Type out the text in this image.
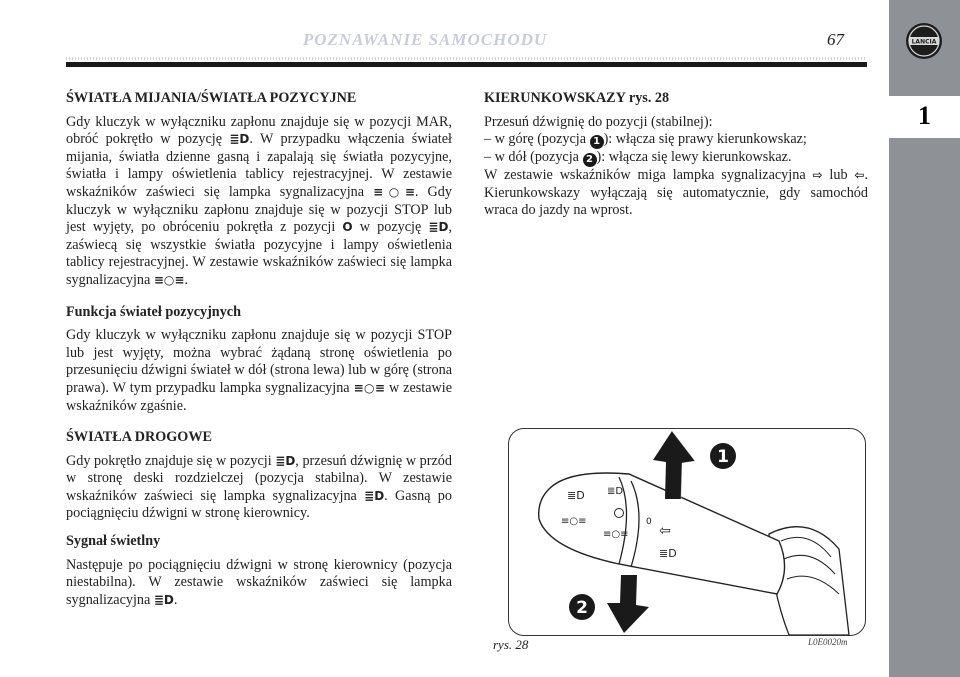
POZNAWANIE SAMOCHODU	67	LANCIA
1
ŚWIATŁA MIJANIA/ŚWIATŁA POZYCYJNE

Gdy kluczyk w wyłączniku zapłonu znajduje się w pozycji MAR, obróć pokrętło w pozycję ≣D. W przypadku włączenia świateł mijania, światła dzienne gasną i zapalają się światła pozycyjne, światła i lampy oświetlenia tablicy rejestracyjnej. W zestawie wskaźników zaświeci się lampka sygnalizacyjna ≡○≡. Gdy kluczyk w wyłączniku zapłonu znajduje się w pozycji STOP lub jest wyjęty, po obróceniu pokrętła z pozycji O w pozycję ≣D, zaświecą się wszystkie światła pozycyjne i lampy oświetlenia tablicy rejestracyjnej. W zestawie wskaźników zaświeci się lampka sygnalizacyjna ≡○≡.

Funkcja świateł pozycyjnych

Gdy kluczyk w wyłączniku zapłonu znajduje się w pozycji STOP lub jest wyjęty, można wybrać żądaną stronę oświetlenia po przesunięciu dźwigni świateł w dół (strona lewa) lub w górę (strona prawa). W tym przypadku lampka sygnalizacyjna ≡○≡ w zestawie wskaźników zgaśnie.

ŚWIATŁA DROGOWE

Gdy pokrętło znajduje się w pozycji ≣D, przesuń dźwignię w przód w stronę deski rozdzielczej (pozycja stabilna). W zestawie wskaźników zaświeci się lampka sygnalizacyjna ≣D. Gasną po pociągnięciu dźwigni w stronę kierownicy.

Sygnał świetlny

Następuje po pociągnięciu dźwigni w stronę kierownicy (pozycja niestabilna). W zestawie wskaźników zaświeci się lampka sygnalizacyjna ≣D.

KIERUNKOWSKAZY rys. 28

Przesuń dźwignię do pozycji (stabilnej):

– w górę (pozycja 1 ): włącza się prawy kierunkowskaz;

– w dół (pozycja 2 ): włącza się lewy kierunkowskaz.

W zestawie wskaźników miga lampka sygnalizacyjna ⇨ lub ⇦. Kierunkowskazy wyłączają się automatycznie, gdy samochód wraca do jazdy na wprost.

≣D
≡○≡
≣D
≡○≡
0
⇦
≣D
1
2
rys. 28	L0E0020m
